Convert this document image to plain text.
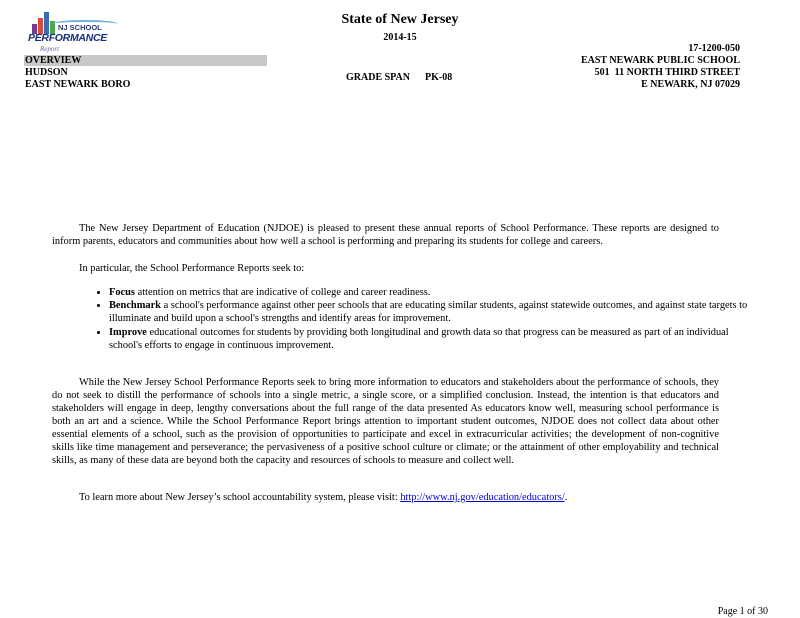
NJ SCHOOL
PERFORMANCE
Report
State of New Jersey
2014-15
OVERVIEW
HUDSON
EAST NEWARK BORO
GRADE SPAN PK-08
17-1200-050
EAST NEWARK PUBLIC SCHOOL
501  11 NORTH THIRD STREET
E NEWARK, NJ 07029

The New Jersey Department of Education (NJDOE) is pleased to present these annual reports of School Performance. These reports are designed to inform parents, educators and communities about how well a school is performing and preparing its students for college and careers.

In particular, the School Performance Reports seek to:

• Focus attention on metrics that are indicative of college and career readiness.
• Benchmark a school's performance against other peer schools that are educating similar students, against statewide outcomes, and against state targets to illuminate and build upon a school's strengths and identify areas for improvement.
• Improve educational outcomes for students by providing both longitudinal and growth data so that progress can be measured as part of an individual school's efforts to engage in continuous improvement.

While the New Jersey School Performance Reports seek to bring more information to educators and stakeholders about the performance of schools, they do not seek to distill the performance of schools into a single metric, a single score, or a simplified conclusion. Instead, the intention is that educators and stakeholders will engage in deep, lengthy conversations about the full range of the data presented As educators know well, measuring school performance is both an art and a science. While the School Performance Report brings attention to important student outcomes, NJDOE does not collect data about other essential elements of a school, such as the provision of opportunities to participate and excel in extracurricular activities; the development of non-cognitive skills like time management and perseverance; the pervasiveness of a positive school culture or climate; or the attainment of other employability and technical skills, as many of these data are beyond both the capacity and resources of schools to measure and collect well.

To learn more about New Jersey’s school accountability system, please visit: http://www.nj.gov/education/educators/.

Page 1 of 30
